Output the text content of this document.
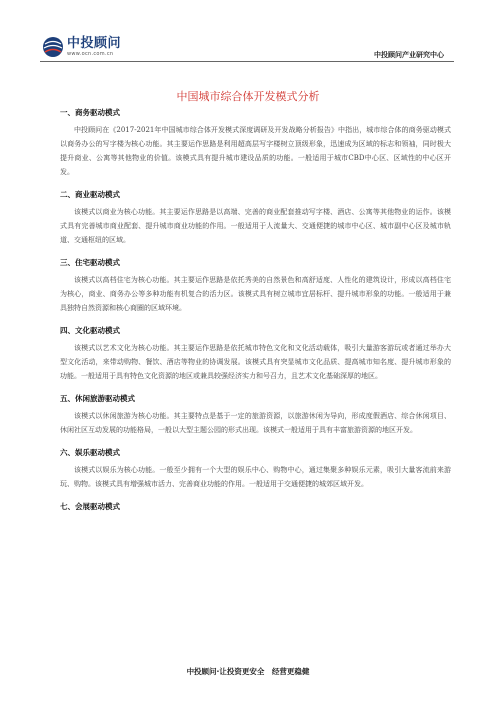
中投顾问
www.ocn.com.cn	中投顾问产业研究中心
中国城市综合体开发模式分析
一、商务驱动模式

中投顾问在《2017-2021年中国城市综合体开发模式深度调研及开发战略分析报告》中指出，城市综合体的商务驱动模式以商务办公的写字楼为核心功能。其主要运作思路是利用超高层写字楼树立顶级形象，迅速成为区域的标志和领袖，同时极大提升商业、公寓等其他物业的价值。该模式具有提升城市建设品质的功能。一般适用于城市CBD中心区、区域性的中心区开发。

二、商业驱动模式

该模式以商业为核心功能。其主要运作思路是以高端、完善的商业配套推动写字楼、酒店、公寓等其他物业的运作。该模式具有完善城市商业配套、提升城市商业功能的作用。一般适用于人流量大、交通便捷的城市中心区、城市副中心区及城市轨道、交通枢纽的区域。

三、住宅驱动模式

该模式以高档住宅为核心功能。其主要运作思路是依托秀美的自然景色和高舒适度、人性化的建筑设计，形成以高档住宅为核心，商业、商务办公等多种功能有机复合的活力区。该模式具有树立城市宜居标杆、提升城市形象的功能。一般适用于兼具独特自然资源和核心商圈的区域环境。

四、文化驱动模式

该模式以艺术文化为核心功能。其主要运作思路是依托城市特色文化和文化活动载体，吸引大量游客游玩或者通过举办大型文化活动，来带动购物、餐饮、酒店等物业的协调发展。该模式具有突显城市文化品质、提高城市知名度、提升城市形象的功能。一般适用于具有特色文化资源的地区或兼具较强经济实力和号召力，且艺术文化基础深厚的地区。

五、休闲旅游驱动模式

该模式以休闲旅游为核心功能。其主要特点是基于一定的旅游资源，以旅游休闲为导向，形成度假酒店、综合休闲项目、休闲社区互动发展的功能格局，一般以大型主题公园的形式出现。该模式一般适用于具有丰富旅游资源的地区开发。

六、娱乐驱动模式

该模式以娱乐为核心功能。一般至少拥有一个大型的娱乐中心、购物中心，通过集聚多种娱乐元素，吸引大量客流前来游玩、购物。该模式具有增强城市活力、完善商业功能的作用。一般适用于交通便捷的城郊区域开发。

七、会展驱动模式
中投顾问·让投资更安全　经营更稳健
